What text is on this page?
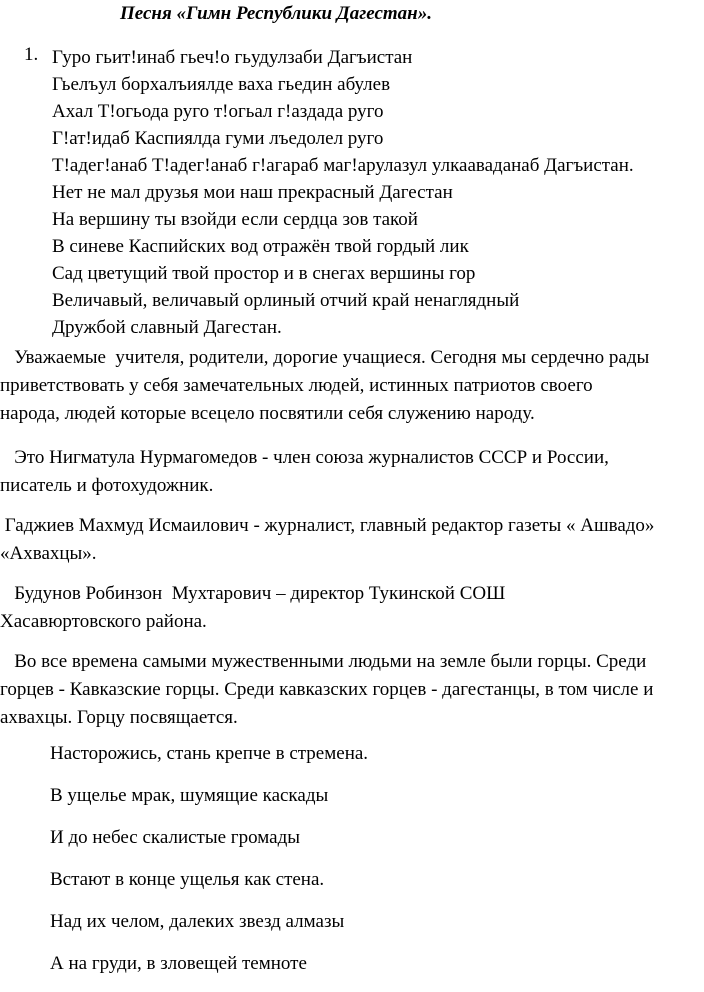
Песня «Гимн Республики Дагестан».
1. Гуро гьит!инаб гьеч!о гьудулзаби Дагъистан
Гьелъул борхалъиялде ваха гьедин абулев
Ахал Т!огьода руго т!огьал г!аздада руго
Г!ат!идаб Каспиялда гуми лъедолел руго
Т!адег!анаб Т!адег!анаб г!агараб маг!арулазул улкааваданаб Дагъистан.
Нет не мал друзья мои наш прекрасный Дагестан
На вершину ты взойди если сердца зов такой
В синеве Каспийских вод отражён твой гордый лик
Сад цветущий твой простор и в снегах вершины гор
Величавый, величавый орлиный отчий край ненаглядный
Дружбой славный Дагестан.
Уважаемые  учителя, родители, дорогие учащиеся. Сегодня мы сердечно рады
приветствовать у себя замечательных людей, истинных патриотов своего
народа, людей которые всецело посвятили себя служению народу.
Это Нигматула Нурмагомедов - член союза журналистов СССР и России,
писатель и фотохудожник.
Гаджиев Махмуд Исмаилович - журналист, главный редактор газеты « Ашвадо»
«Ахвахцы».
Будунов Робинзон  Мухтарович – директор Тукинской СОШ
Хасавюртовского района.
Во все времена самыми мужественными людьми на земле были горцы. Среди
горцев - Кавказские горцы. Среди кавказских горцев - дагестанцы, в том числе и
ахвахцы. Горцу посвящается.
Насторожись, стань крепче в стремена.
В ущелье мрак, шумящие каскады
И до небес скалистые громады
Встают в конце ущелья как стена.
Над их челом, далеких звезд алмазы
А на груди, в зловещей темноте
